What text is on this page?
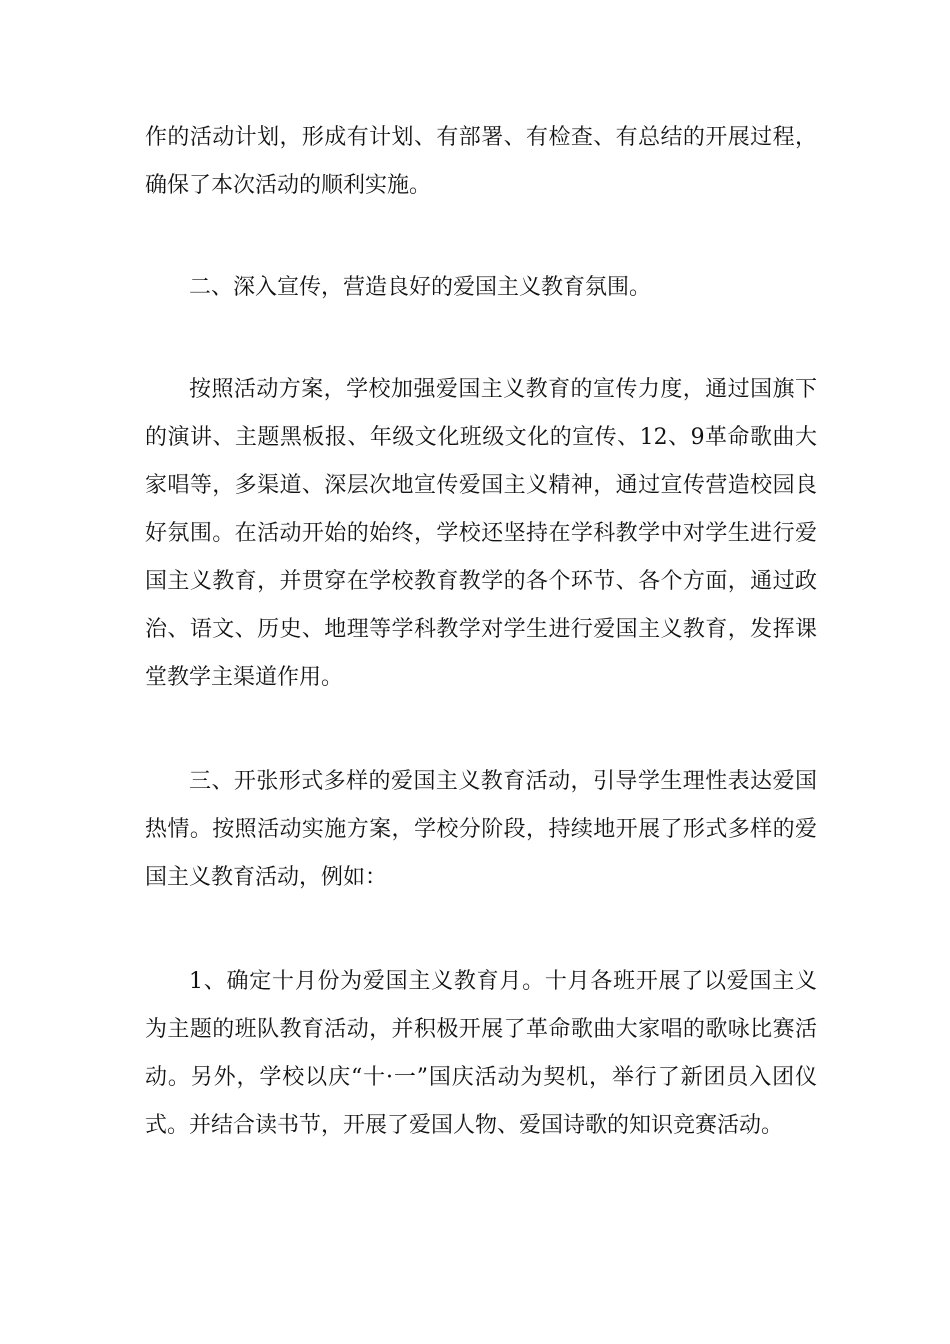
作的活动计划，形成有计划、有部署、有检查、有总结的开展过程，确保了本次活动的顺利实施。

二、深入宣传，营造良好的爱国主义教育氛围。

按照活动方案，学校加强爱国主义教育的宣传力度，通过国旗下的演讲、主题黑板报、年级文化班级文化的宣传、12、9革命歌曲大家唱等，多渠道、深层次地宣传爱国主义精神，通过宣传营造校园良好氛围。在活动开始的始终，学校还坚持在学科教学中对学生进行爱国主义教育，并贯穿在学校教育教学的各个环节、各个方面，通过政治、语文、历史、地理等学科教学对学生进行爱国主义教育，发挥课堂教学主渠道作用。

三、开张形式多样的爱国主义教育活动，引导学生理性表达爱国热情。按照活动实施方案，学校分阶段，持续地开展了形式多样的爱国主义教育活动，例如：

1、确定十月份为爱国主义教育月。十月各班开展了以爱国主义为主题的班队教育活动，并积极开展了革命歌曲大家唱的歌咏比赛活动。另外，学校以庆“十·一”国庆活动为契机，举行了新团员入团仪式。并结合读书节，开展了爱国人物、爱国诗歌的知识竞赛活动。
